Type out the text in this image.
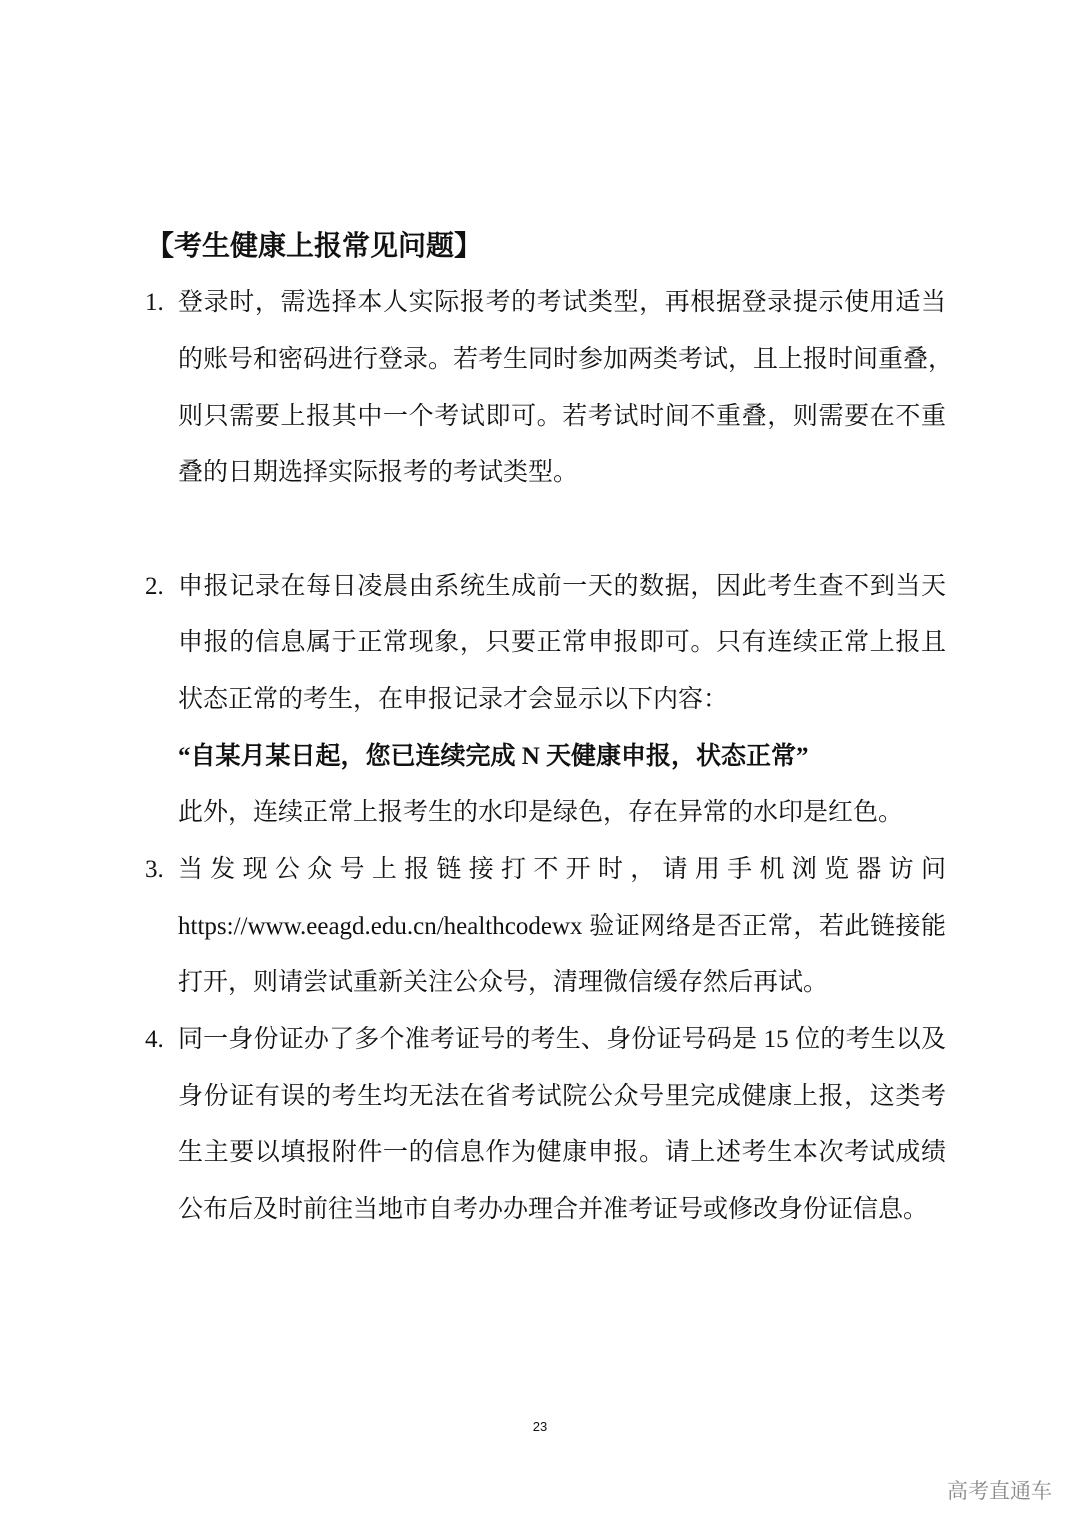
【考生健康上报常见问题】
1. 登录时，需选择本人实际报考的考试类型，再根据登录提示使用适当
的账号和密码进行登录。若考生同时参加两类考试，且上报时间重叠，
则只需要上报其中一个考试即可。若考试时间不重叠，则需要在不重
叠的日期选择实际报考的考试类型。
2. 申报记录在每日凌晨由系统生成前一天的数据，因此考生查不到当天
申报的信息属于正常现象，只要正常申报即可。只有连续正常上报且
状态正常的考生，在申报记录才会显示以下内容：
“自某月某日起，您已连续完成 N 天健康申报，状态正常”
此外，连续正常上报考生的水印是绿色，存在异常的水印是红色。
3. 当发现公众号上报链接打不开时，请用手机浏览器访问
https://www.eeagd.edu.cn/healthcodewx 验证网络是否正常，若此链接能
打开，则请尝试重新关注公众号，清理微信缓存然后再试。
4. 同一身份证办了多个准考证号的考生、身份证号码是 15 位的考生以及
身份证有误的考生均无法在省考试院公众号里完成健康上报，这类考
生主要以填报附件一的信息作为健康申报。请上述考生本次考试成绩
公布后及时前往当地市自考办办理合并准考证号或修改身份证信息。
23
高考直通车
